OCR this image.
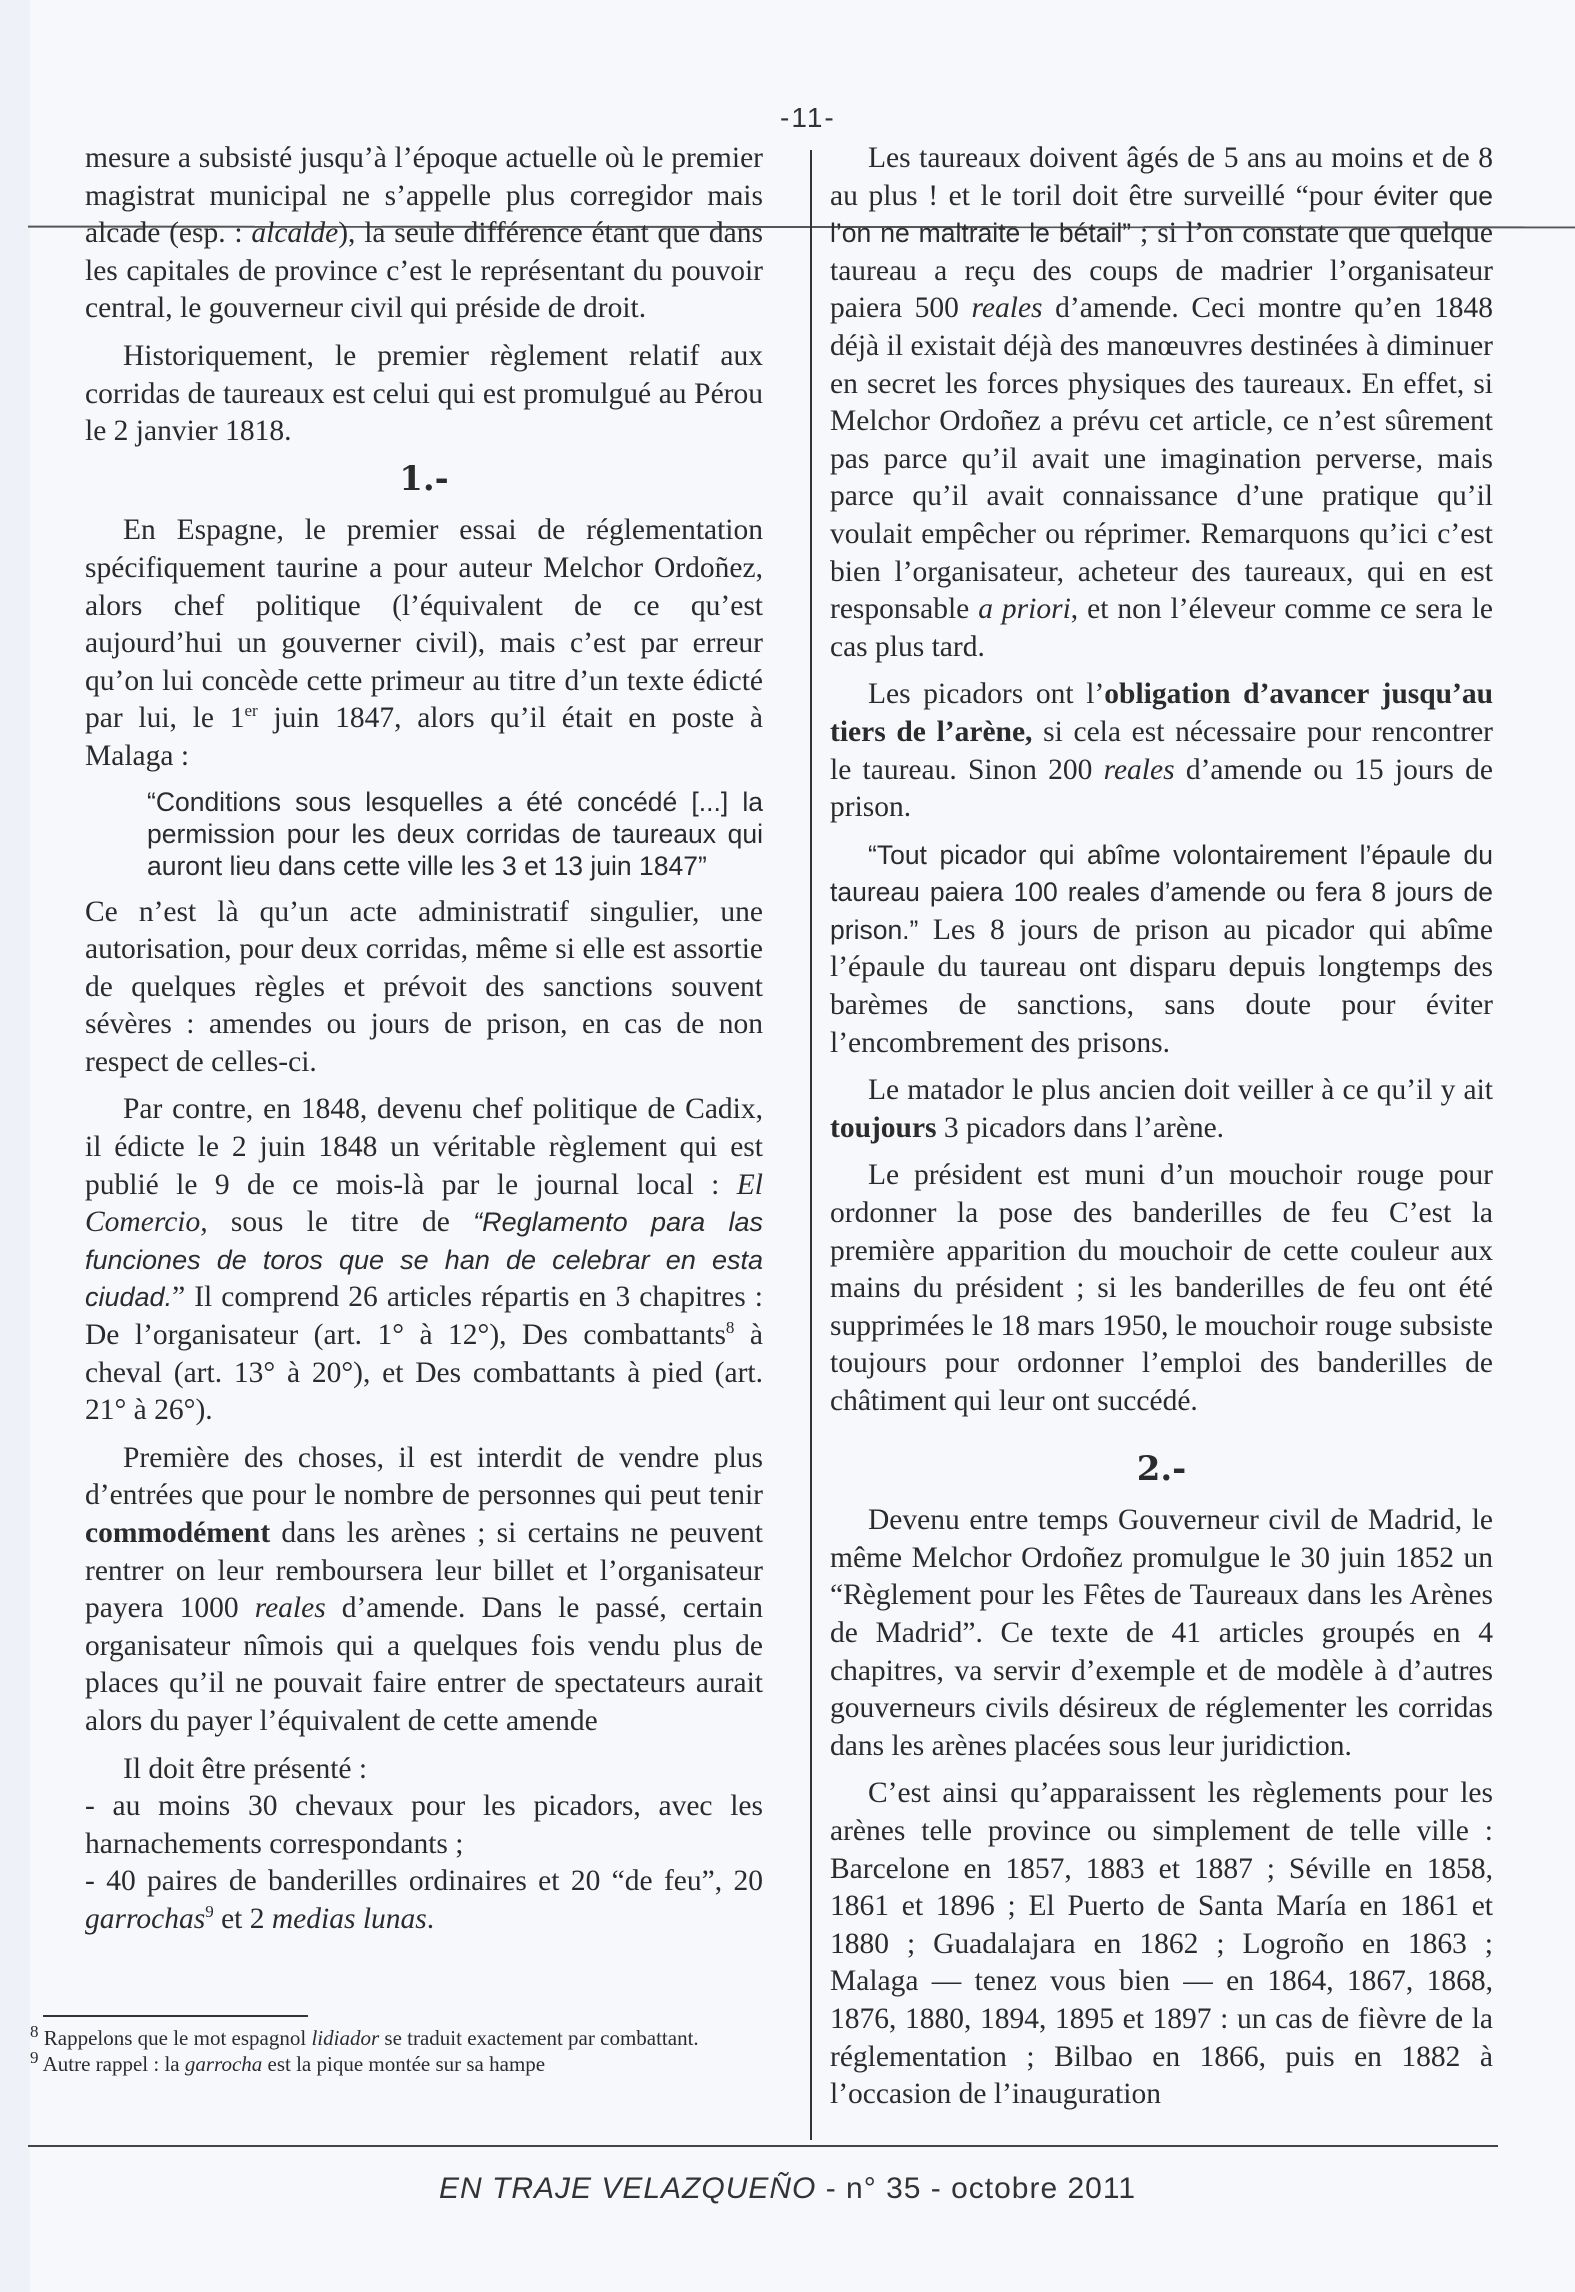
-11-

mesure a subsisté jusqu’à l’époque actuelle où le premier magistrat municipal ne s’appelle plus corregidor mais alcade (esp. : alcalde), la seule différence étant que dans les capitales de province c’est le représentant du pouvoir central, le gouverneur civil qui préside de droit.

Historiquement, le premier règlement relatif aux corridas de taureaux est celui qui est promulgué au Pérou le 2 janvier 1818.

1.-

En Espagne, le premier essai de réglementation spécifiquement taurine a pour auteur Melchor Ordoñez, alors chef politique (l’équivalent de ce qu’est aujourd’hui un gouverner civil), mais c’est par erreur qu’on lui concède cette primeur au titre d’un texte édicté par lui, le 1er juin 1847, alors qu’il était en poste à Malaga :

“Conditions sous lesquelles a été concédé [...] la permission pour les deux corridas de taureaux qui auront lieu dans cette ville les 3 et 13 juin 1847”

Ce n’est là qu’un acte administratif singulier, une autorisation, pour deux corridas, même si elle est assortie de quelques règles et prévoit des sanctions souvent sévères : amendes ou jours de prison, en cas de non respect de celles-ci.

Par contre, en 1848, devenu chef politique de Cadix, il édicte le 2 juin 1848 un véritable règlement qui est publié le 9 de ce mois-là par le journal local : El Comercio, sous le titre de “Reglamento para las funciones de toros que se han de celebrar en esta ciudad.” Il comprend 26 articles répartis en 3 chapitres : De l’organisateur (art. 1° à 12°), Des combattants$^8$ à cheval (art. 13° à 20°), et Des combattants à pied (art. 21° à 26°).

Première des choses, il est interdit de vendre plus d’entrées que pour le nombre de personnes qui peut tenir commodément dans les arènes ; si certains ne peuvent rentrer on leur remboursera leur billet et l’organisateur payera 1000 reales d’amende. Dans le passé, certain organisateur nîmois qui a quelques fois vendu plus de places qu’il ne pouvait faire entrer de spectateurs aurait alors du payer l’équivalent de cette amende

Il doit être présenté :

- au moins 30 chevaux pour les picadors, avec les harnachements correspondants ;

- 40 paires de banderilles ordinaires et 20 “de feu”, 20 garrochas$^9$ et 2 medias lunas.

$^8$ Rappelons que le mot espagnol lidiador se traduit exactement par combattant.
$^9$ Autre rappel : la garrocha est la pique montée sur sa hampe

Les taureaux doivent âgés de 5 ans au moins et de 8 au plus ! et le toril doit être surveillé “pour éviter que l’on ne maltraite le bétail” ; si l’on constate que quelque taureau a reçu des coups de madrier l’organisateur paiera 500 reales d’amende. Ceci montre qu’en 1848 déjà il existait déjà des manœuvres destinées à diminuer en secret les forces physiques des taureaux. En effet, si Melchor Ordoñez a prévu cet article, ce n’est sûrement pas parce qu’il avait une imagination perverse, mais parce qu’il avait connaissance d’une pratique qu’il voulait empêcher ou réprimer. Remarquons qu’ici c’est bien l’organisateur, acheteur des taureaux, qui en est responsable a priori, et non l’éleveur comme ce sera le cas plus tard.

Les picadors ont l’obligation d’avancer jusqu’au tiers de l’arène, si cela est nécessaire pour rencontrer le taureau. Sinon 200 reales d’amende ou 15 jours de prison.

“Tout picador qui abîme volontairement l’épaule du taureau paiera 100 reales d’amende ou fera 8 jours de prison.” Les 8 jours de prison au picador qui abîme l’épaule du taureau ont disparu depuis longtemps des barèmes de sanctions, sans doute pour éviter l’encombrement des prisons.

Le matador le plus ancien doit veiller à ce qu’il y ait toujours 3 picadors dans l’arène.

Le président est muni d’un mouchoir rouge pour ordonner la pose des banderilles de feu C’est la première apparition du mouchoir de cette couleur aux mains du président ; si les banderilles de feu ont été supprimées le 18 mars 1950, le mouchoir rouge subsiste toujours pour ordonner l’emploi des banderilles de châtiment qui leur ont succédé.

2.-

Devenu entre temps Gouverneur civil de Madrid, le même Melchor Ordoñez promulgue le 30 juin 1852 un “Règlement pour les Fêtes de Taureaux dans les Arènes de Madrid”. Ce texte de 41 articles groupés en 4 chapitres, va servir d’exemple et de modèle à d’autres gouverneurs civils désireux de réglementer les corridas dans les arènes placées sous leur juridiction.

C’est ainsi qu’apparaissent les règlements pour les arènes telle province ou simplement de telle ville : Barcelone en 1857, 1883 et 1887 ; Séville en 1858, 1861 et 1896 ; El Puerto de Santa María en 1861 et 1880 ; Guadalajara en 1862 ; Logroño en 1863 ; Malaga — tenez vous bien — en 1864, 1867, 1868, 1876, 1880, 1894, 1895 et 1897 : un cas de fièvre de la réglementation ; Bilbao en 1866, puis en 1882 à l’occasion de l’inauguration

EN TRAJE VELAZQUEÑO - n° 35 - octobre 2011
